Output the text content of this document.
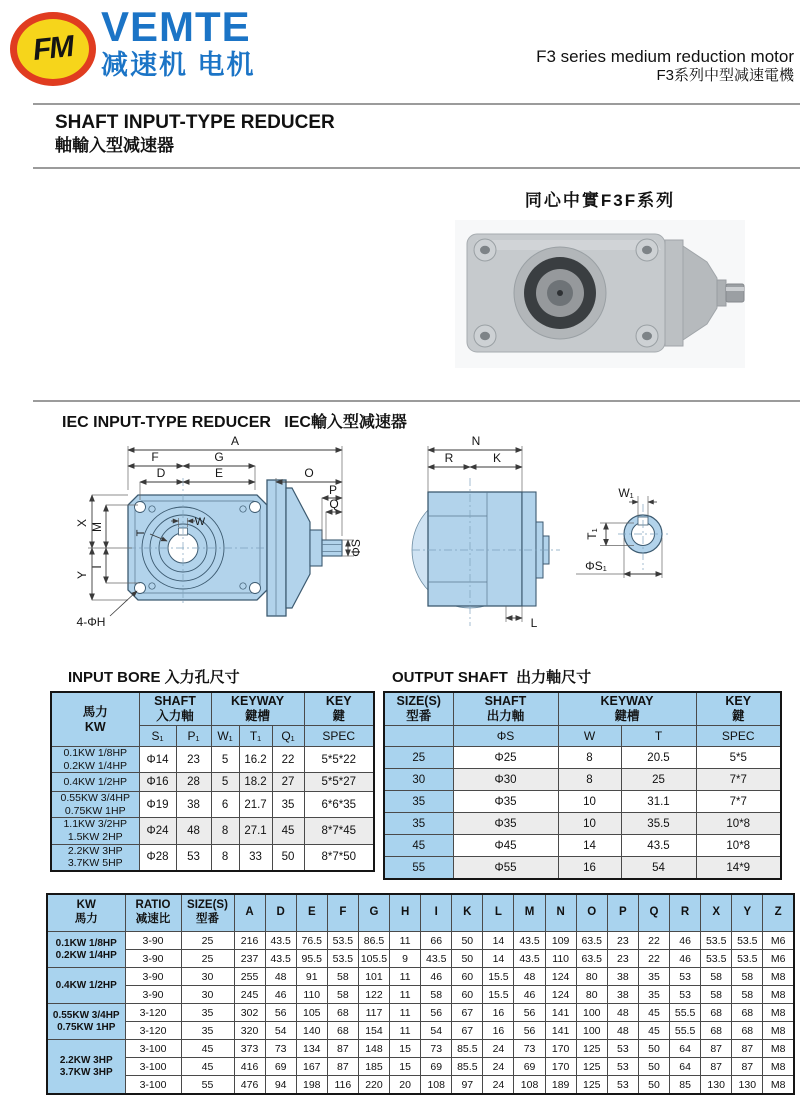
FM VEMTE
减速机 电机	F3 series medium reduction motor
F3系列中型减速電機
SHAFT INPUT-TYPE REDUCER
軸輸入型减速器
同心中實F3F系列
IEC INPUT-TYPE REDUCER   IEC輸入型减速器
A
F	G
D	E	O
P
Q
ΦS
X M	W
T
I
Y
4-ΦH
N
R	K
L
W₁
T₁
ΦS₁
INPUT BORE 入力孔尺寸	OUTPUT SHAFT  出力軸尺寸
馬力
KW	SHAFT
入力軸		KEYWAY
鍵槽			KEY
鍵

	S₁	P₁	W₁	T₁	Q₁	SPEC

0.1KW 1/8HP
0.2KW 1/4HP	Φ14	23	5	16.2	22	5*5*22

0.4KW 1/2HP	Φ16	28	5	18.2	27	5*5*27

0.55KW 3/4HP
0.75KW 1HP	Φ19	38	6	21.7	35	6*6*35

1.1KW 3/2HP
1.5KW 2HP	Φ24	48	8	27.1	45	8*7*45

2.2KW 3HP
3.7KW 5HP	Φ28	53	8	33	50	8*7*50
SIZE(S)
型番	SHAFT
出力軸	KEYWAY
鍵槽		KEY
鍵

	ΦS	W	T	SPEC
25	Φ25	8	20.5	5*5
30	Φ30	8	25	7*7
35	Φ35	10	31.1	7*7
35	Φ35	10	35.5	10*8
45	Φ45	14	43.5	10*8
55	Φ55	16	54	14*9
KW
馬力	RATIO
减速比	SIZE(S)
型番	A	D	E	F	G	H	I	K	L	M	N	O	P	Q	R	X	Y	Z

0.1KW 1/8HP
0.2KW 1/4HP	3-90	25	216	43.5	76.5	53.5	86.5	11	66	50	14	43.5	109	63.5	23	22	46	53.5	53.5	M6
	3-90	25	237	43.5	95.5	53.5	105.5	9	43.5	50	14	43.5	110	63.5	23	22	46	53.5	53.5	M6

0.4KW 1/2HP	3-90	30	255	48	91	58	101	11	46	60	15.5	48	124	80	38	35	53	58	58	M8
	3-90	30	245	46	110	58	122	11	58	60	15.5	46	124	80	38	35	53	58	58	M8

0.55KW 3/4HP
0.75KW 1HP	3-120	35	302	56	105	68	117	11	56	67	16	56	141	100	48	45	55.5	68	68	M8
	3-120	35	320	54	140	68	154	11	54	67	16	56	141	100	48	45	55.5	68	68	M8

2.2KW 3HP
3.7KW 3HP	3-100	45	373	73	134	87	148	15	73	85.5	24	73	170	125	53	50	64	87	87	M8
	3-100	45	416	69	167	87	185	15	69	85.5	24	69	170	125	53	50	64	87	87	M8
	3-100	55	476	94	198	116	220	20	108	97	24	108	189	125	53	50	85	130	130	M8
